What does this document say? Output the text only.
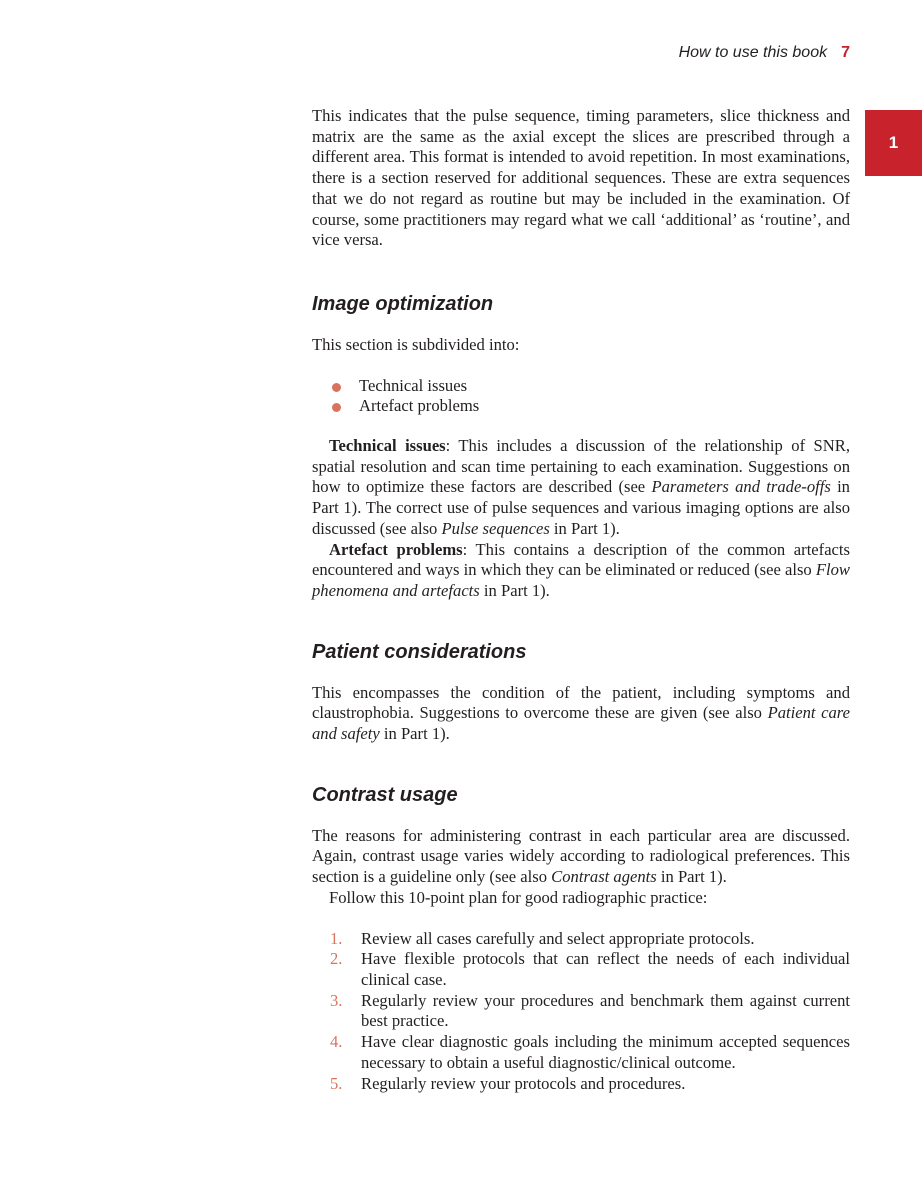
How to use this book 7
1

This indicates that the pulse sequence, timing parameters, slice thickness and matrix are the same as the axial except the slices are prescribed through a different area. This format is intended to avoid repetition. In most examinations, there is a section reserved for additional sequences. These are extra sequences that we do not regard as routine but may be included in the examination. Of course, some practitioners may regard what we call ‘additional’ as ‘routine’, and vice versa.

Image optimization

This section is subdivided into:

Technical issues
Artefact problems

Technical issues: This includes a discussion of the relationship of SNR, spatial resolution and scan time pertaining to each examination. Suggestions on how to optimize these factors are described (see Parameters and trade-offs in Part 1). The correct use of pulse sequences and various imaging options are also discussed (see also Pulse sequences in Part 1).

Artefact problems: This contains a description of the common artefacts encountered and ways in which they can be eliminated or reduced (see also Flow phenomena and artefacts in Part 1).

Patient considerations

This encompasses the condition of the patient, including symptoms and claustrophobia. Suggestions to overcome these are given (see also Patient care and safety in Part 1).

Contrast usage

The reasons for administering contrast in each particular area are discussed. Again, contrast usage varies widely according to radiological preferences. This section is a guideline only (see also Contrast agents in Part 1).

Follow this 10-point plan for good radiographic practice:

1. Review all cases carefully and select appropriate protocols.
2. Have flexible protocols that can reflect the needs of each individual clinical case.
3. Regularly review your procedures and benchmark them against current best practice.
4. Have clear diagnostic goals including the minimum accepted sequences necessary to obtain a useful diagnostic/clinical outcome.
5. Regularly review your protocols and procedures.
